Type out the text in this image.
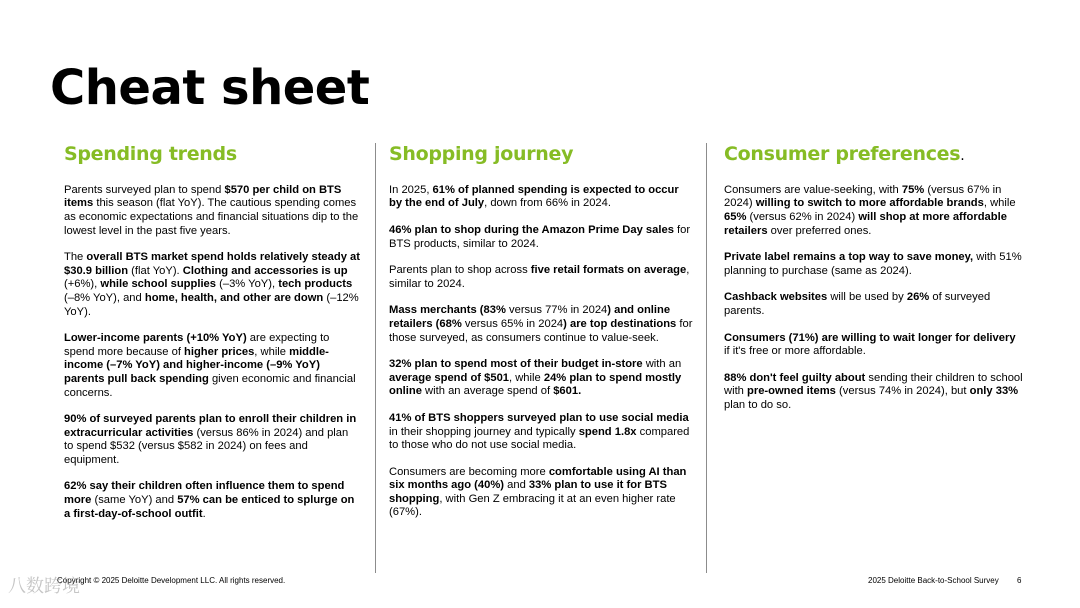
Cheat sheet
Spending trends

Parents surveyed plan to spend $570 per child on BTS items this season (flat YoY). The cautious spending comes as economic expectations and financial situations dip to the lowest level in the past five years.

The overall BTS market spend holds relatively steady at $30.9 billion (flat YoY). Clothing and accessories is up (+6%), while school supplies (–3% YoY), tech products (–8% YoY), and home, health, and other are down (–12% YoY).

Lower-income parents (+10% YoY) are expecting to spend more because of higher prices, while middle-income (–7% YoY) and higher-income (–9% YoY) parents pull back spending given economic and financial concerns.

90% of surveyed parents plan to enroll their children in extracurricular activities (versus 86% in 2024) and plan to spend $532 (versus $582 in 2024) on fees and equipment.

62% say their children often influence them to spend more (same YoY) and 57% can be enticed to splurge on a first-day-of-school outfit.

Shopping journey

In 2025, 61% of planned spending is expected to occur by the end of July, down from 66% in 2024.

46% plan to shop during the Amazon Prime Day sales for BTS products, similar to 2024.

Parents plan to shop across five retail formats on average, similar to 2024.

Mass merchants (83% versus 77% in 2024) and online retailers (68% versus 65% in 2024) are top destinations for those surveyed, as consumers continue to value-seek.

32% plan to spend most of their budget in-store with an average spend of $501, while 24% plan to spend mostly online with an average spend of $601.

41% of BTS shoppers surveyed plan to use social media in their shopping journey and typically spend 1.8x compared to those who do not use social media.

Consumers are becoming more comfortable using AI than six months ago (40%) and 33% plan to use it for BTS shopping, with Gen Z embracing it at an even higher rate (67%).

Consumer preferences.

Consumers are value-seeking, with 75% (versus 67% in 2024) willing to switch to more affordable brands, while 65% (versus 62% in 2024) will shop at more affordable retailers over preferred ones.

Private label remains a top way to save money, with 51% planning to purchase (same as 2024).

Cashback websites will be used by 26% of surveyed parents.

Consumers (71%) are willing to wait longer for delivery if it's free or more affordable.

88% don't feel guilty about sending their children to school with pre-owned items (versus 74% in 2024), but only 33% plan to do so.

Copyright © 2025 Deloitte Development LLC. All rights reserved.	2025 Deloitte Back-to-School Survey 6
八数跨境
